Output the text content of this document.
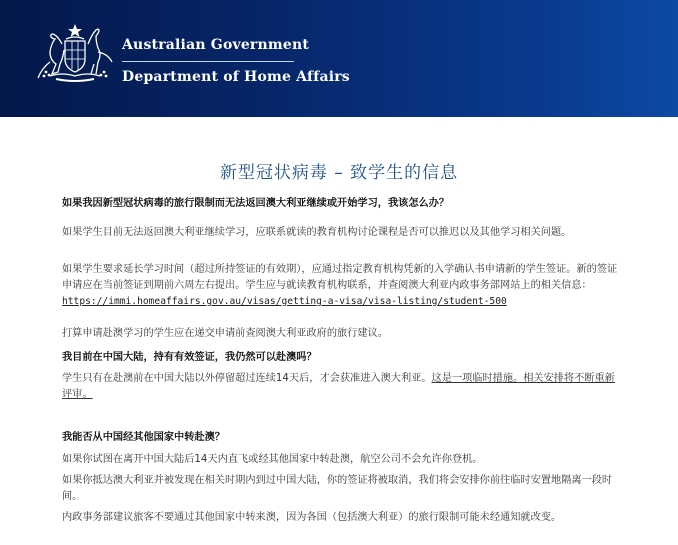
Australian Government
Department of Home Affairs
新型冠状病毒 – 致学生的信息
如果我因新型冠状病毒的旅行限制而无法返回澳大利亚继续或开始学习，我该怎么办？
如果学生目前无法返回澳大利亚继续学习，应联系就读的教育机构讨论课程是否可以推迟以及其他学习相关问题。
如果学生要求延长学习时间（超过所持签证的有效期），应通过指定教育机构凭新的入学确认书申请新的学生签证。新的签证申请应在当前签证到期前六周左右提出。学生应与就读教育机构联系，并查阅澳大利亚内政事务部网站上的相关信息：https://immi.homeaffairs.gov.au/visas/getting-a-visa/visa-listing/student-500
打算申请赴澳学习的学生应在递交申请前查阅澳大利亚政府的旅行建议。
我目前在中国大陆，持有有效签证，我仍然可以赴澳吗？
学生只有在赴澳前在中国大陆以外停留超过连续14天后，才会获准进入澳大利亚。这是一项临时措施。相关安排将不断重新评审。
我能否从中国经其他国家中转赴澳？
如果你试图在离开中国大陆后14天内直飞或经其他国家中转赴澳，航空公司不会允许你登机。
如果你抵达澳大利亚并被发现在相关时期内到过中国大陆，你的签证将被取消，我们将会安排你前往临时安置地隔离一段时间。
内政事务部建议旅客不要通过其他国家中转来澳，因为各国（包括澳大利亚）的旅行限制可能未经通知就改变。
